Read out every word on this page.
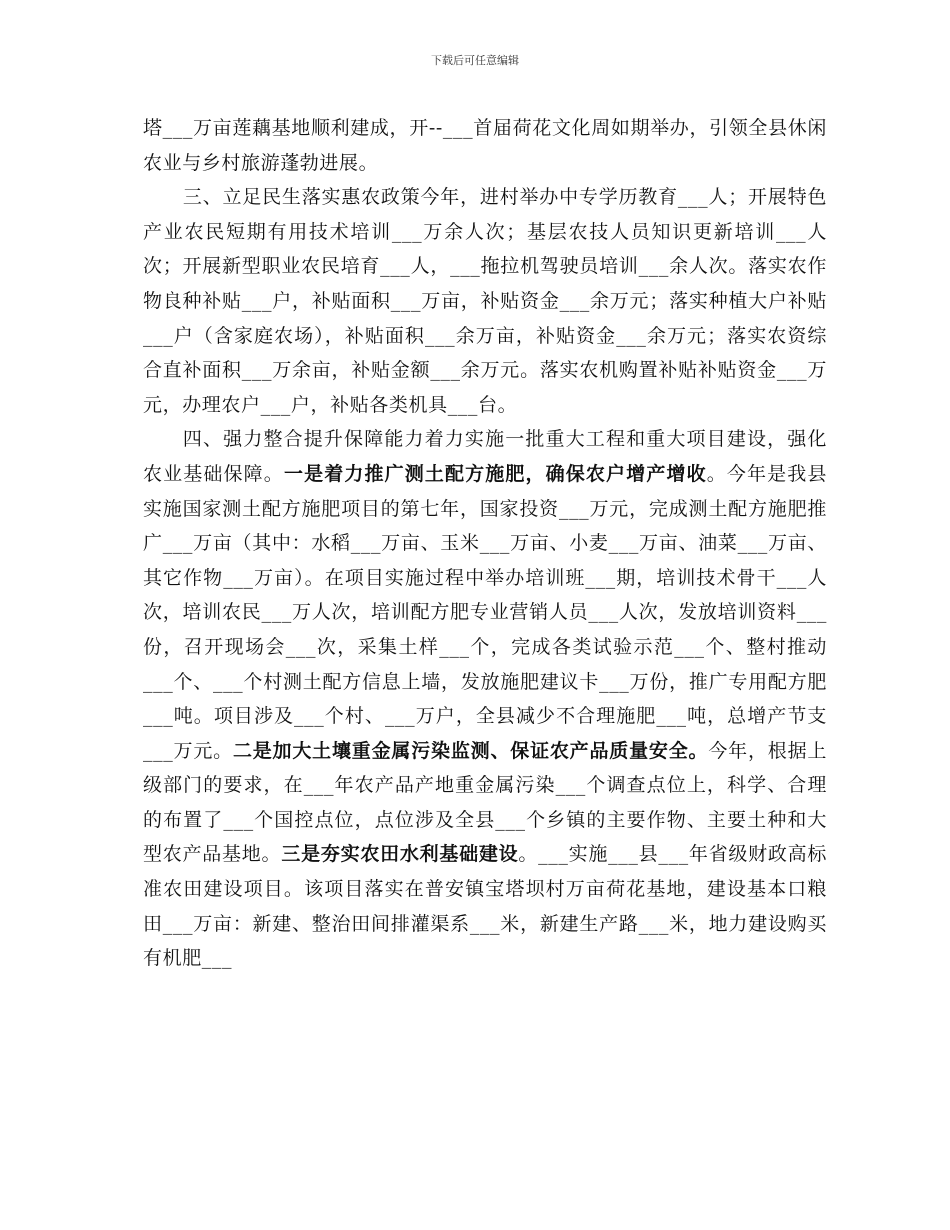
下载后可任意编辑

塔___万亩莲藕基地顺利建成，开--___首届荷花文化周如期举办，引领全县休闲农业与乡村旅游蓬勃进展。

三、立足民生落实惠农政策今年，进村举办中专学历教育___人；开展特色产业农民短期有用技术培训___万余人次；基层农技人员知识更新培训___人次；开展新型职业农民培育___人，___拖拉机驾驶员培训___余人次。落实农作物良种补贴___户，补贴面积___万亩，补贴资金___余万元；落实种植大户补贴___户（含家庭农场），补贴面积___余万亩，补贴资金___余万元；落实农资综合直补面积___万余亩，补贴金额___余万元。落实农机购置补贴补贴资金___万元，办理农户___户，补贴各类机具___台。

四、强力整合提升保障能力着力实施一批重大工程和重大项目建设，强化农业基础保障。一是着力推广测土配方施肥，确保农户增产增收。今年是我县实施国家测土配方施肥项目的第七年，国家投资___万元，完成测土配方施肥推广___万亩（其中：水稻___万亩、玉米___万亩、小麦___万亩、油菜___万亩、其它作物___万亩）。在项目实施过程中举办培训班___期，培训技术骨干___人次，培训农民___万人次，培训配方肥专业营销人员___人次，发放培训资料___份，召开现场会___次，采集土样___个，完成各类试验示范___个、整村推动___个、___个村测土配方信息上墙，发放施肥建议卡___万份，推广专用配方肥___吨。项目涉及___个村、___万户，全县减少不合理施肥___吨，总增产节支___万元。二是加大土壤重金属污染监测、保证农产品质量安全。今年，根据上级部门的要求，在___年农产品产地重金属污染___个调查点位上，科学、合理的布置了___个国控点位，点位涉及全县___个乡镇的主要作物、主要土种和大型农产品基地。三是夯实农田水利基础建设。___实施___县___年省级财政高标准农田建设项目。该项目落实在普安镇宝塔坝村万亩荷花基地，建设基本口粮田___万亩：新建、整治田间排灌渠系___米，新建生产路___米，地力建设购买有机肥___
